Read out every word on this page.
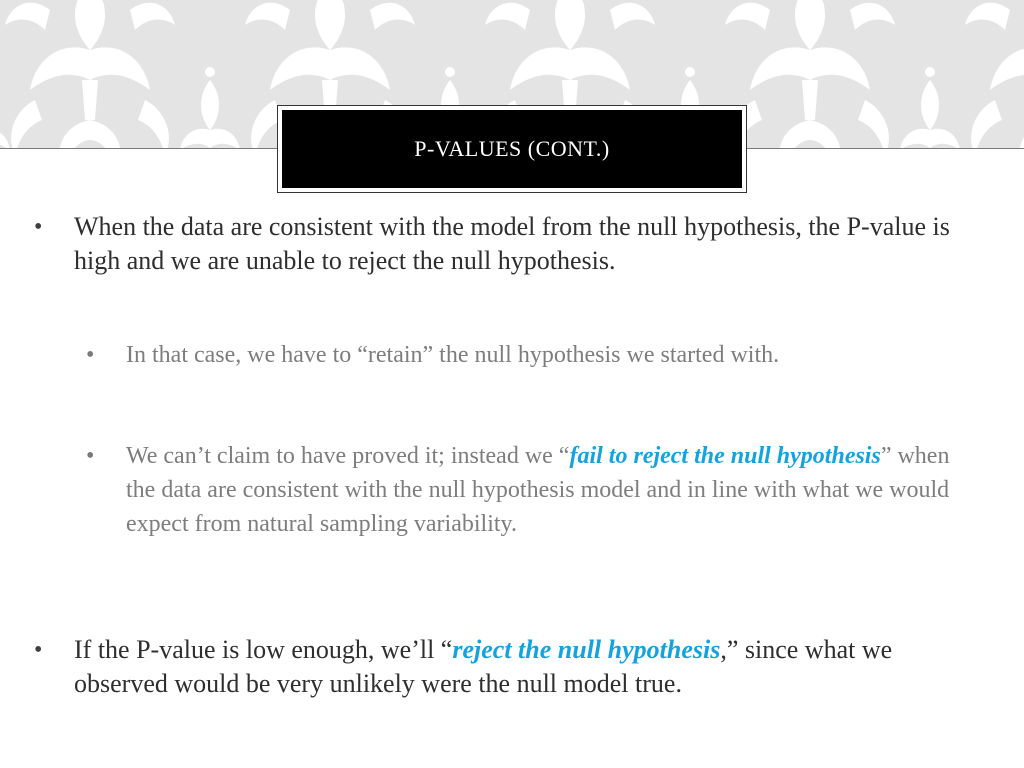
P-VALUES (CONT.)
• When the data are consistent with the model from the null hypothesis, the P-value is high and we are unable to reject the null hypothesis.
• In that case, we have to “retain” the null hypothesis we started with.
• We can’t claim to have proved it; instead we “fail to reject the null hypothesis” when the data are consistent with the null hypothesis model and in line with what we would expect from natural sampling variability.
• If the P-value is low enough, we’ll “reject the null hypothesis,” since what we observed would be very unlikely were the null model true.
